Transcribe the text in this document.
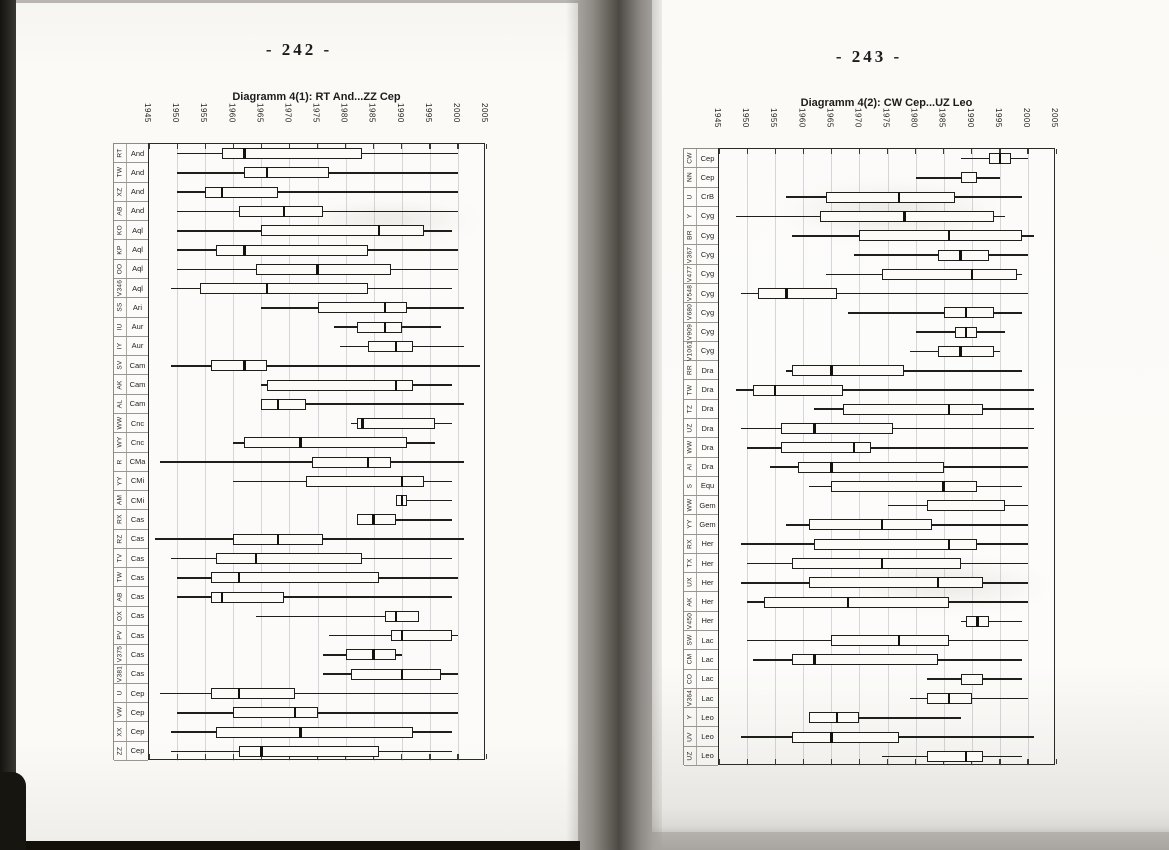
- 242 -	- 243 -
Diagramm 4(1): RT And...ZZ Cep	Diagramm 4(2): CW Cep...UZ Leo
1945 1950 1955 1960 1965 1970 1975 1980 1985 1990 1995 2000 2005
RT And
TW And
XZ And
AB And
KO	Aql
KP	Aql
OO	Aql
V346	Aql
SS	Ari
IU	Aur
IY	Aur
SV Cam
AK Cam
AL Cam
WW Cnc
WY Cnc
R CMa
YY CMi
AM CMi
RX Cas
RZ Cas
TV Cas
TW Cas
AB Cas
OX Cas
PV Cas
V375 Cas
V381 Cas
U Cep
VW Cep
XX Cep
ZZ Cep
1945 1950 1955 1960 1965 1970 1975 1980 1985 1990 1995 2000 2005
CW Cep
NN Cep
U	CrB
Y Cyg
BR Cyg
V367 Cyg
V477 Cyg
V548 Cyg
V680 Cyg
V909 Cyg
V1061 Cyg
RR	Dra
TW	Dra
TZ	Dra
UZ	Dra
WW	Dra
AI	Dra
S Equ
WW Gem
YY Gem
RX	Her
TX	Her
UX	Her
AK	Her
V450	Her
SW	Lac
CM	Lac
CO	Lac
V364	Lac
Y	Leo
UV	Leo
UZ	Leo
